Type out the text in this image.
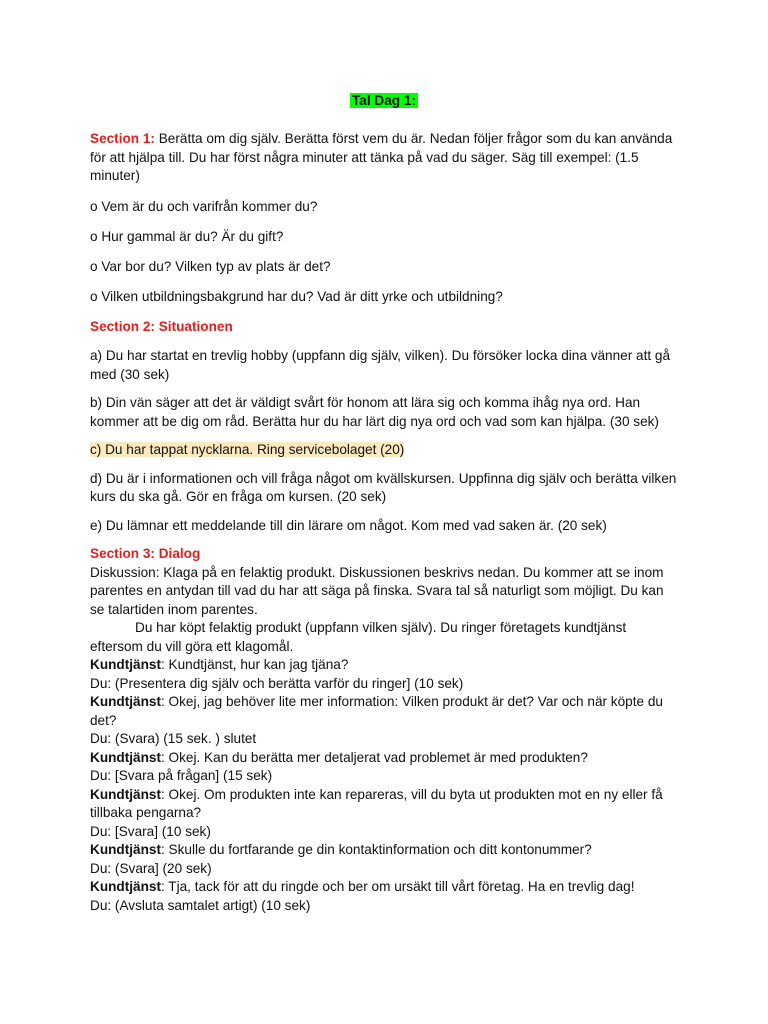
Tal Dag 1:

Section 1: Berätta om dig själv. Berätta först vem du är. Nedan följer frågor som du kan använda för att hjälpa till. Du har först några minuter att tänka på vad du säger. Säg till exempel: (1.5 minuter)

o Vem är du och varifrån kommer du?

o Hur gammal är du? Är du gift?

o Var bor du? Vilken typ av plats är det?

o Vilken utbildningsbakgrund har du? Vad är ditt yrke och utbildning?

Section 2: Situationen

a) Du har startat en trevlig hobby (uppfann dig själv, vilken). Du försöker locka dina vänner att gå med (30 sek)

b) Din vän säger att det är väldigt svårt för honom att lära sig och komma ihåg nya ord. Han kommer att be dig om råd. Berätta hur du har lärt dig nya ord och vad som kan hjälpa. (30 sek)

c) Du har tappat nycklarna. Ring servicebolaget (20)

d) Du är i informationen och vill fråga något om kvällskursen. Uppfinna dig själv och berätta vilken kurs du ska gå. Gör en fråga om kursen. (20 sek)

e) Du lämnar ett meddelande till din lärare om något. Kom med vad saken är. (20 sek)

Section 3: Dialog

Diskussion: Klaga på en felaktig produkt. Diskussionen beskrivs nedan. Du kommer att se inom parentes en antydan till vad du har att säga på finska. Svara tal så naturligt som möjligt. Du kan se talartiden inom parentes.

Du har köpt felaktig produkt (uppfann vilken själv). Du ringer företagets kundtjänst eftersom du vill göra ett klagomål.

Kundtjänst: Kundtjänst, hur kan jag tjäna?

Du: (Presentera dig själv och berätta varför du ringer] (10 sek)

Kundtjänst: Okej, jag behöver lite mer information: Vilken produkt är det? Var och när köpte du det?

Du: (Svara) (15 sek. ) slutet

Kundtjänst: Okej. Kan du berätta mer detaljerat vad problemet är med produkten?

Du: [Svara på frågan] (15 sek)

Kundtjänst: Okej. Om produkten inte kan repareras, vill du byta ut produkten mot en ny eller få tillbaka pengarna?

Du: [Svara] (10 sek)

Kundtjänst: Skulle du fortfarande ge din kontaktinformation och ditt kontonummer?

Du: (Svara] (20 sek)

Kundtjänst: Tja, tack för att du ringde och ber om ursäkt till vårt företag. Ha en trevlig dag!

Du: (Avsluta samtalet artigt) (10 sek)
